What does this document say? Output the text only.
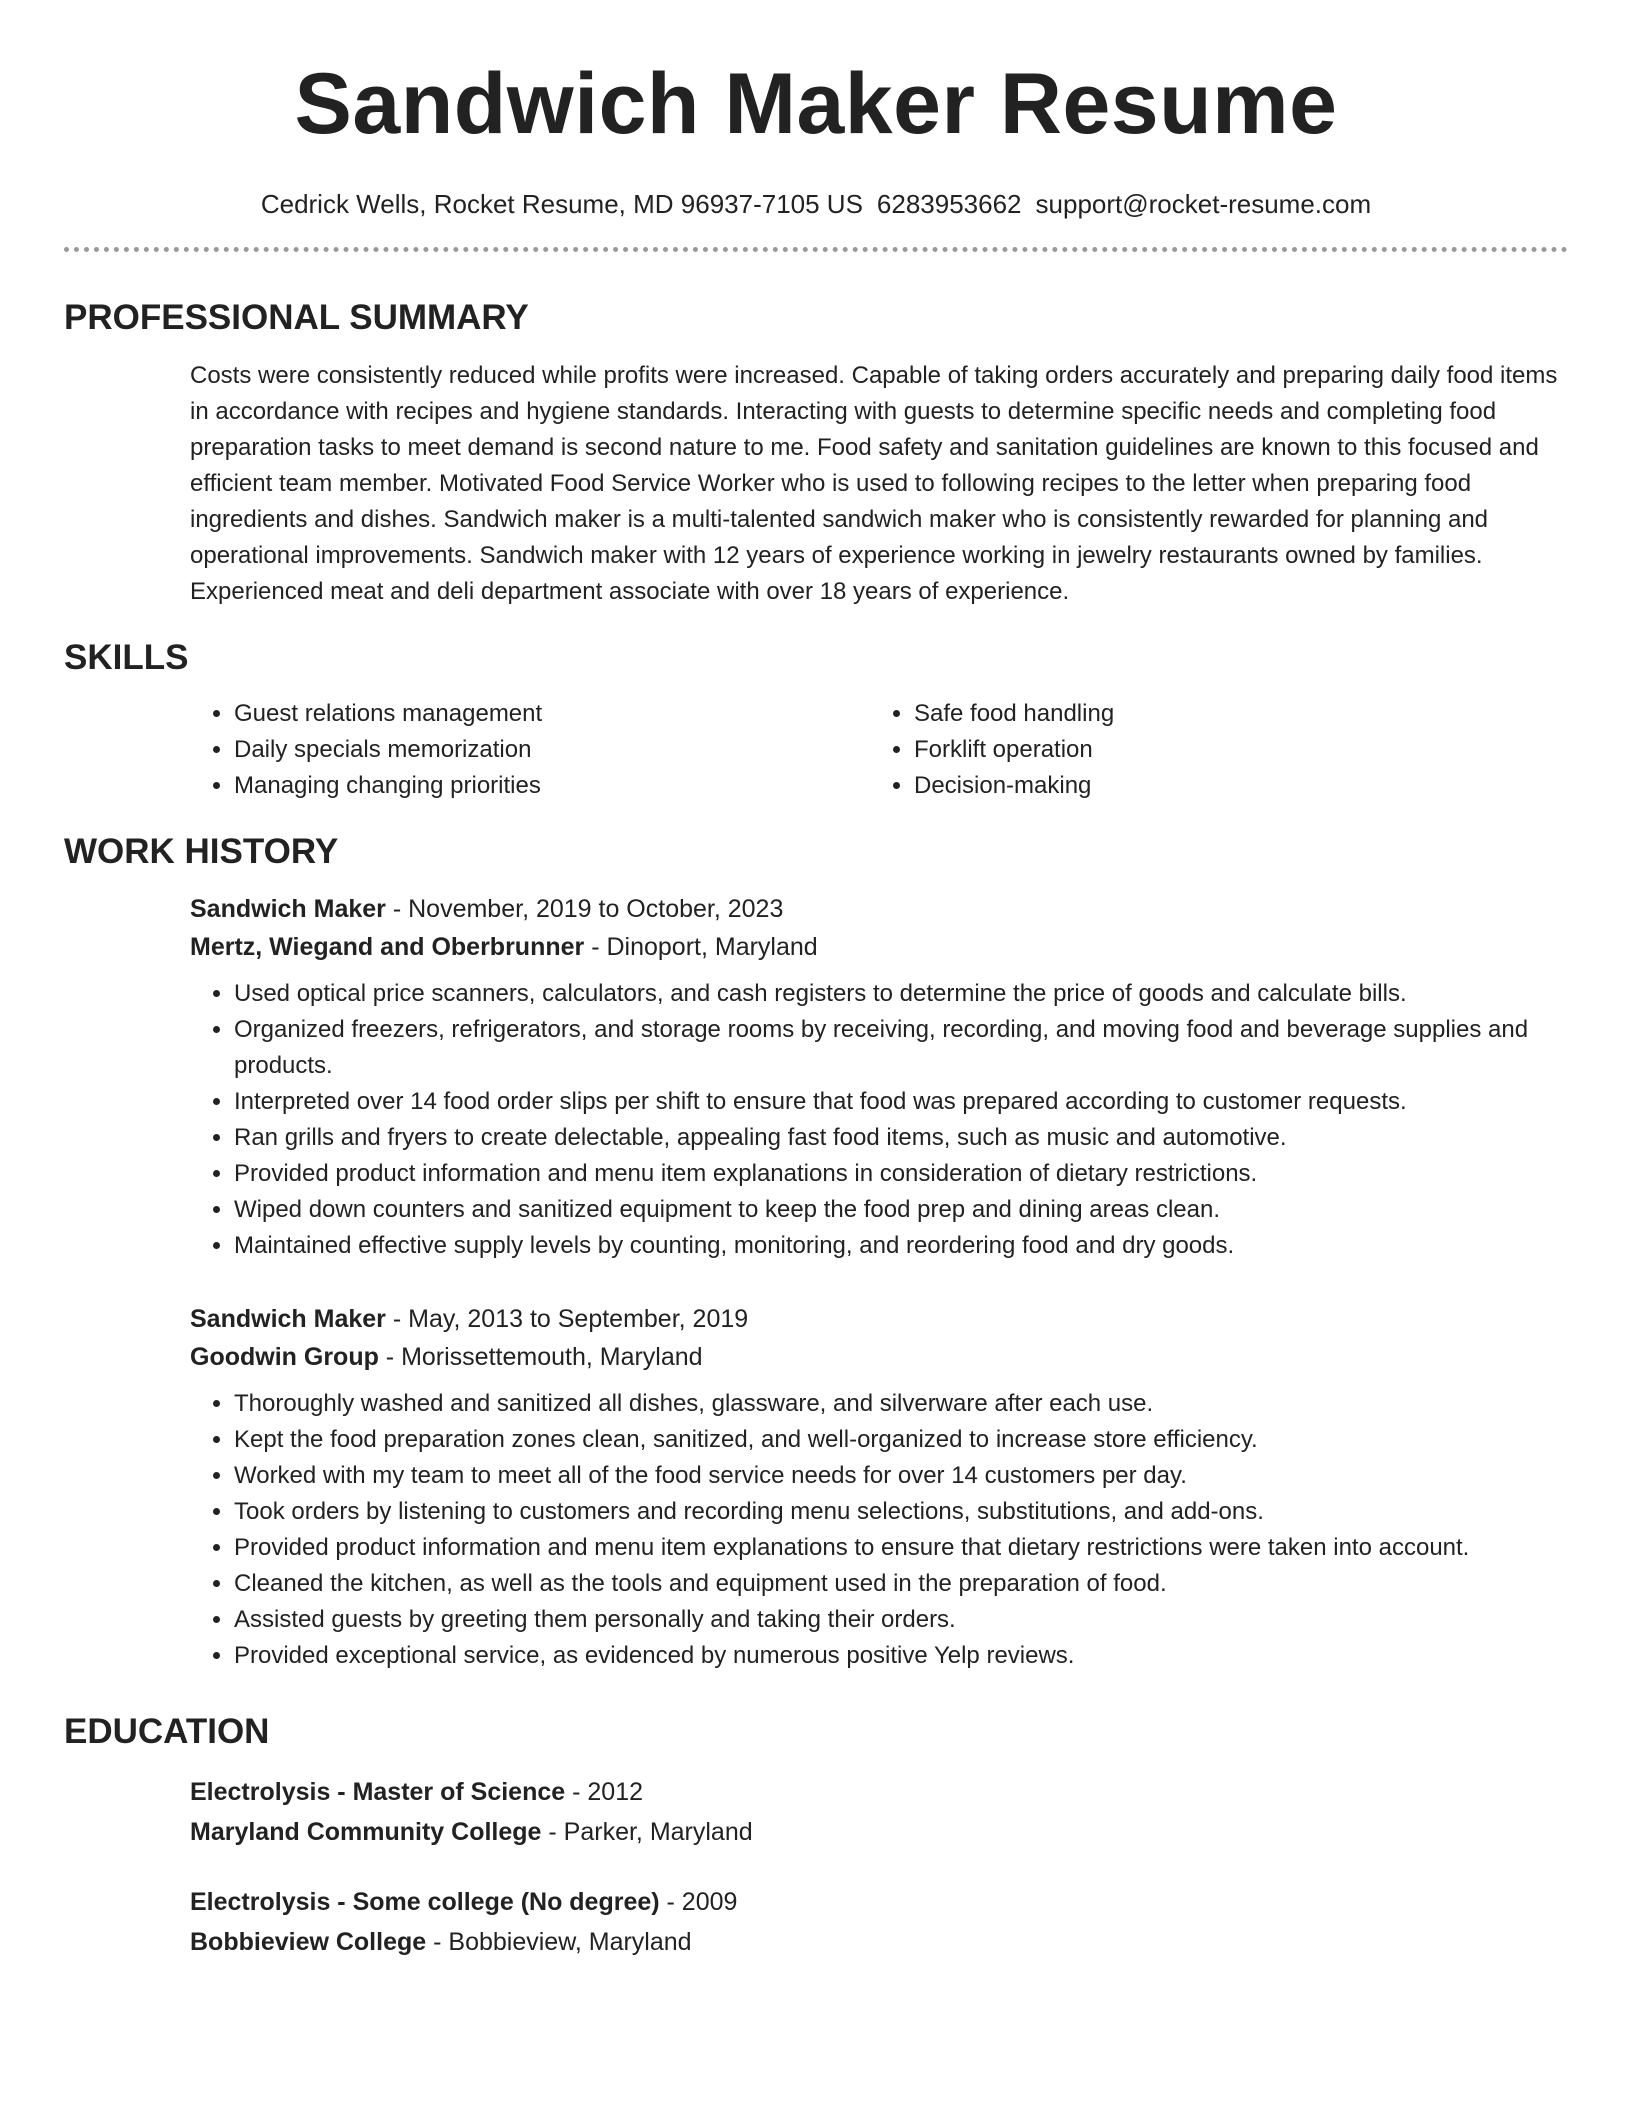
Sandwich Maker Resume
Cedrick Wells, Rocket Resume, MD 96937-7105 US 6283953662 support@rocket-resume.com
PROFESSIONAL SUMMARY

Costs were consistently reduced while profits were increased. Capable of taking orders accurately and preparing daily food items in accordance with recipes and hygiene standards. Interacting with guests to determine specific needs and completing food preparation tasks to meet demand is second nature to me. Food safety and sanitation guidelines are known to this focused and efficient team member. Motivated Food Service Worker who is used to following recipes to the letter when preparing food ingredients and dishes. Sandwich maker is a multi-talented sandwich maker who is consistently rewarded for planning and operational improvements. Sandwich maker with 12 years of experience working in jewelry restaurants owned by families. Experienced meat and deli department associate with over 18 years of experience.

SKILLS
• Guest relations management
• Daily specials memorization
• Managing changing priorities
• Safe food handling
• Forklift operation
• Decision-making
WORK HISTORY
Sandwich Maker - November, 2019 to October, 2023
Mertz, Wiegand and Oberbrunner - Dinoport, Maryland
• Used optical price scanners, calculators, and cash registers to determine the price of goods and calculate bills.
• Organized freezers, refrigerators, and storage rooms by receiving, recording, and moving food and beverage supplies and products.
• Interpreted over 14 food order slips per shift to ensure that food was prepared according to customer requests.
• Ran grills and fryers to create delectable, appealing fast food items, such as music and automotive.
• Provided product information and menu item explanations in consideration of dietary restrictions.
• Wiped down counters and sanitized equipment to keep the food prep and dining areas clean.
• Maintained effective supply levels by counting, monitoring, and reordering food and dry goods.
Sandwich Maker - May, 2013 to September, 2019
Goodwin Group - Morissettemouth, Maryland
• Thoroughly washed and sanitized all dishes, glassware, and silverware after each use.
• Kept the food preparation zones clean, sanitized, and well-organized to increase store efficiency.
• Worked with my team to meet all of the food service needs for over 14 customers per day.
• Took orders by listening to customers and recording menu selections, substitutions, and add-ons.
• Provided product information and menu item explanations to ensure that dietary restrictions were taken into account.
• Cleaned the kitchen, as well as the tools and equipment used in the preparation of food.
• Assisted guests by greeting them personally and taking their orders.
• Provided exceptional service, as evidenced by numerous positive Yelp reviews.
EDUCATION
Electrolysis - Master of Science - 2012
Maryland Community College - Parker, Maryland
Electrolysis - Some college (No degree) - 2009
Bobbieview College - Bobbieview, Maryland
